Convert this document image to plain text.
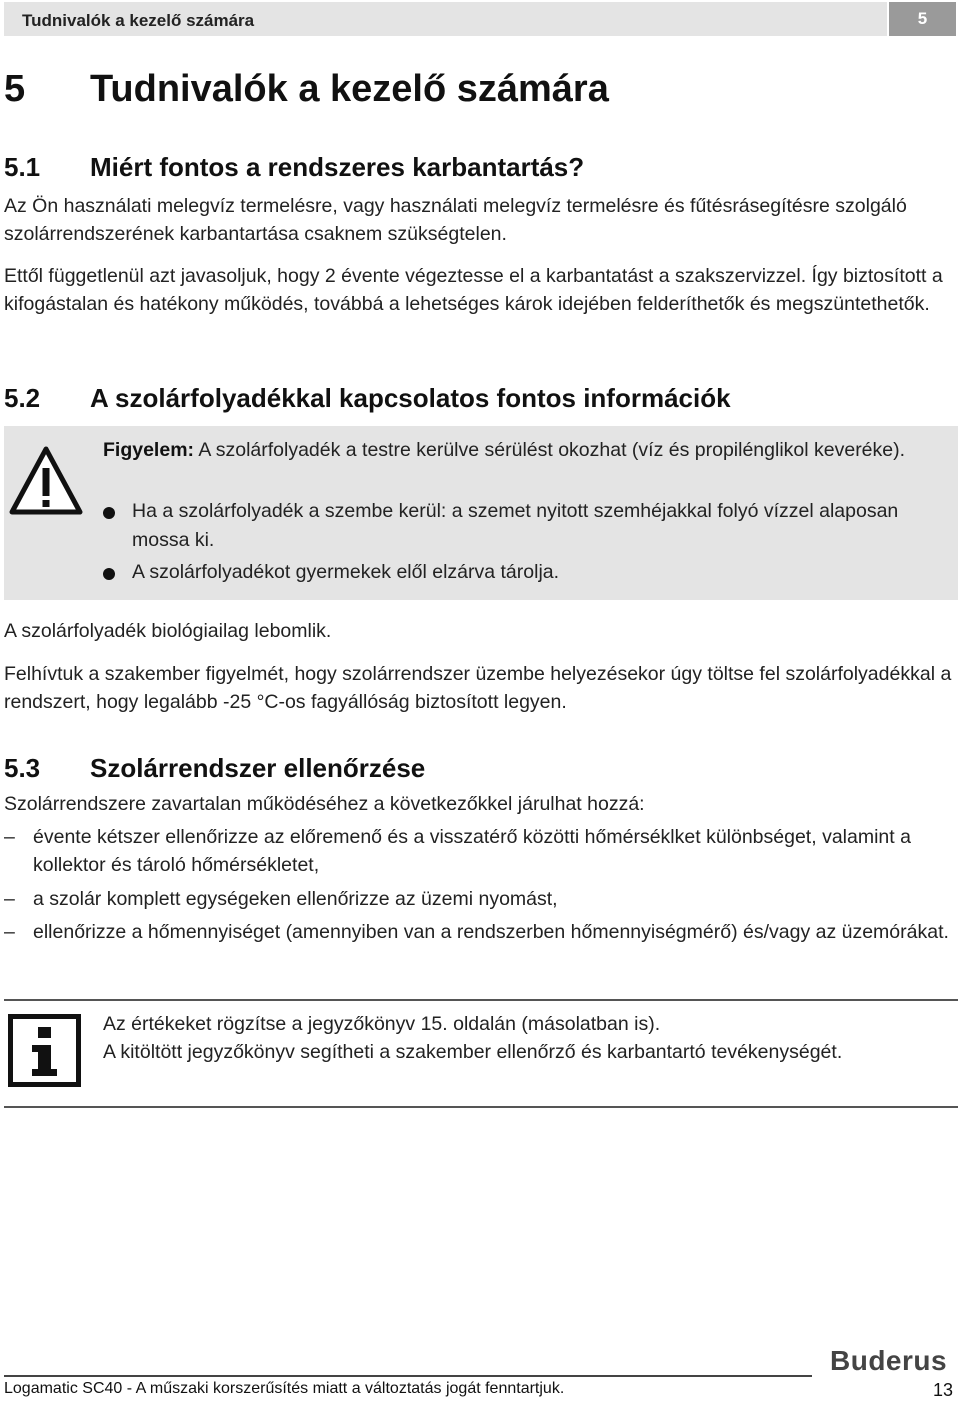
Tudnivalók a kezelő számára	5
5 Tudnivalók a kezelő számára
5.1 Miért fontos a rendszeres karbantartás?

Az Ön használati melegvíz termelésre, vagy használati melegvíz termelésre és fűtésrásegítésre szolgáló szolárrendszerének karbantartása csaknem szükségtelen.

Ettől függetlenül azt javasoljuk, hogy 2 évente végeztesse el a karbantatást a szakszervizzel. Így biztosított a kifogástalan és hatékony működés, továbbá a lehetséges károk idejében felderíthetők és megszüntethetők.

5.2 A szolárfolyadékkal kapcsolatos fontos információk
Figyelem: A szolárfolyadék a testre kerülve sérülést okozhat (víz és propilénglikol keveréke).
Ha a szolárfolyadék a szembe kerül: a szemet nyitott szemhéjakkal folyó vízzel alaposan mossa ki.
A szolárfolyadékot gyermekek elől elzárva tárolja.

A szolárfolyadék biológiailag lebomlik.

Felhívtuk a szakember figyelmét, hogy szolárrendszer üzembe helyezésekor úgy töltse fel szolárfolyadékkal a rendszert, hogy legalább -25 °C-os fagyállóság biztosított legyen.

5.3 Szolárrendszer ellenőrzése

Szolárrendszere zavartalan működéséhez a következőkkel járulhat hozzá:

– évente kétszer ellenőrizze az előremenő és a visszatérő közötti hőmérséklket különbséget, valamint a kollektor és tároló hőmérsékletet,
– a szolár komplett egységeken ellenőrizze az üzemi nyomást,
– ellenőrizze a hőmennyiséget (amennyiben van a rendszerben hőmennyiségmérő) és/vagy az üzemórákat.
Az értékeket rögzítse a jegyzőkönyv 15. oldalán (másolatban is).
A kitöltött jegyzőkönyv segítheti a szakember ellenőrző és karbantartó tevékenységét.
Buderus
Logamatic SC40 - A műszaki korszerűsítés miatt a változtatás jogát fenntartjuk.	13
